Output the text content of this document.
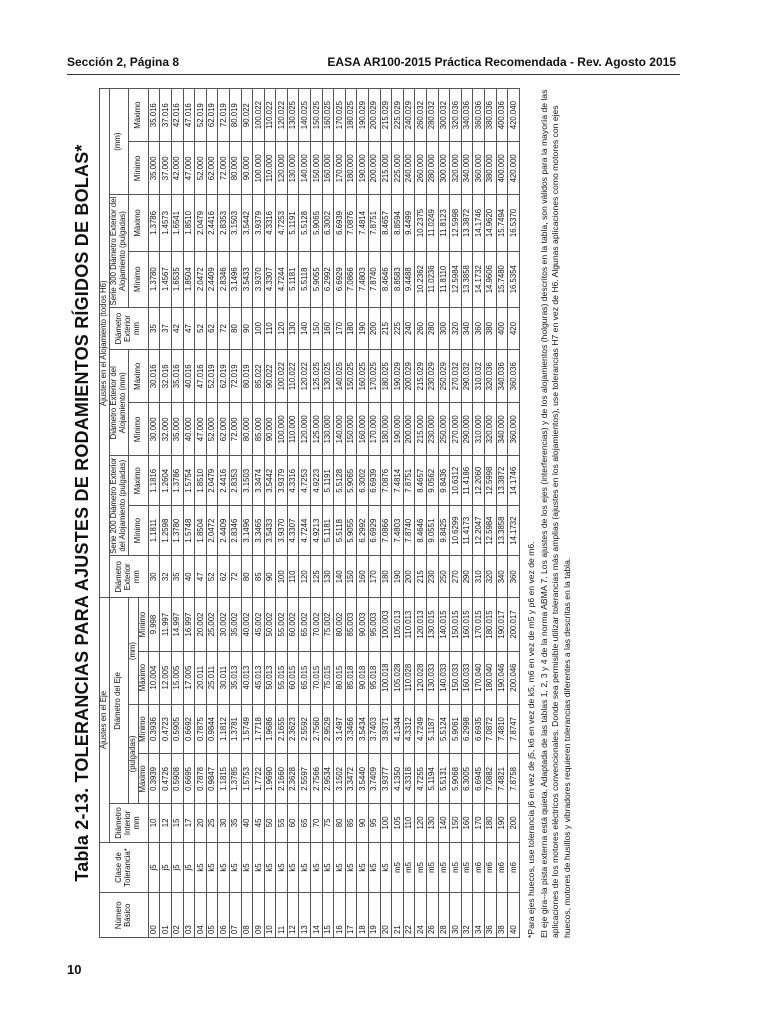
Sección 2, Página 8	EASA AR100-2015 Práctica Recomendada - Rev. Agosto 2015
Tabla 2-13. TOLERANCIAS PARA AJUSTES DE RODAMIENTOS RÍGIDOS DE BOLAS*
Número Básico	Clase de Tolerancia*	Ajustes en el Eje					Ajustes en el Alojamiento (todos H6)									
		Diámetro Interior mm	Diámetro del Eje				Diámetro Exterior mm	Serie 200 Diámetro Exterior del Alojamiento (pulgadas)		Diámetro Exterior del Alojamiento (mm)		Diámetro Exterior mm	Serie 300 Diámetro Exterior del Alojamiento (pulgadas)		(mm)	
			(pulgadas)		(mm)			Mínimo	Máximo	Mínimo	Máximo		Mínimo	Máximo	Mínimo	Máximo
			Máximo	Mínimo	Máximo	Mínimo										
00	j5	10	0.3939	0.3936	10.004	9.998	30	1.1811	1.1816	30.000	30.016	35	1.3780	1.3786	35.000	35.016
01	j5	12	0.4726	0.4723	12.005	11.997	32	1.2598	1.2604	32.000	32.016	37	1.4567	1.4573	37.000	37.016
02	j5	15	0.5908	0.5905	15.005	14.997	35	1.3780	1.3786	35.000	35.016	42	1.6535	1.6541	42.000	42.016
03	j5	17	0.6695	0.6692	17.005	16.997	40	1.5748	1.5754	40.000	40.016	47	1.8504	1.8510	47.000	47.016
04	k5	20	0.7878	0.7875	20.011	20.002	47	1.8504	1.8510	47.000	47.016	52	2.0472	2.0479	52.000	52.019
05	k5	25	0.9847	0.9844	25.011	25.002	52	2.0472	2.0479	52.000	52.019	62	2.4409	2.4416	62.000	62.019
06	k5	30	1.1815	1.1812	30.011	30.002	62	2.4409	2.4416	62.000	62.019	72	2.8346	2.8353	72.000	72.019
07	k5	35	1.3785	1.3781	35.013	35.002	72	2.8346	2.8353	72.000	72.019	80	3.1496	3.1503	80.000	80.019
08	k5	40	1.5753	1.5749	40.013	40.002	80	3.1496	3.1503	80.000	80.019	90	3.5433	3.5442	90.000	90.022
09	k5	45	1.7722	1.7718	45.013	45.002	85	3.3465	3.3474	85.000	85.022	100	3.9370	3.9379	100.000	100.022
10	k5	50	1.9690	1.9686	50.013	50.002	90	3.5433	3.5442	90.000	90.022	110	4.3307	4.3316	110.000	110.022
11	k5	55	2.1660	2.1655	55.015	55.002	100	3.9370	3.9379	100.000	100.022	120	4.7244	4.7253	120.000	120.022
12	k5	60	2.3628	2.3623	60.015	60.002	110	4.3307	4.3316	110.000	110.022	130	5.1181	5.1191	130.000	130.025
13	k5	65	2.5597	2.5592	65.015	65.002	120	4.7244	4.7253	120.000	120.022	140	5.5118	5.5128	140.000	140.025
14	k5	70	2.7566	2.7560	70.015	70.002	125	4.9213	4.9223	125.000	125.025	150	5.9055	5.9065	150.000	150.025
15	k5	75	2.9534	2.9529	75.015	75.002	130	5.1181	5.1191	130.000	130.025	160	6.2992	6.3002	160.000	160.025
16	k5	80	3.1502	3.1497	80.015	80.002	140	5.5118	5.5128	140.000	140.025	170	6.6929	6.6939	170.000	170.025
17	k5	85	3.3472	3.3466	85.018	85.003	150	5.9055	5.9065	150.000	150.025	180	7.0866	7.0876	180.000	180.025
18	k5	90	3.5440	3.5434	90.018	90.003	160	6.2992	6.3002	160.000	160.025	190	7.4803	7.4814	190.000	190.029
19	k5	95	3.7409	3.7403	95.018	95.003	170	6.6929	6.6939	170.000	170.025	200	7.8740	7.8751	200.000	200.029
20	k5	100	3.9377	3.9371	100.018	100.003	180	7.0866	7.0876	180.000	180.025	215	8.4646	8.4657	215.000	215.029
21	m5	105	4.1350	4.1344	105.028	105.013	190	7.4803	7.4814	190.000	190.029	225	8.8583	8.8594	225.000	225.029
22	m5	110	4.3318	4.3312	110.028	110.013	200	7.8740	7.8751	200.000	200.029	240	9.4488	9.4499	240.000	240.029
24	m5	120	4.7255	4.7249	120.028	120.013	215	8.4646	8.4657	215.000	215.029	260	10.2362	10.2375	260.000	260.032
26	m5	130	5.1194	5.1187	130.033	130.015	230	9.0551	9.0562	230.000	230.029	280	11.0236	11.0249	280.000	280.032
28	m5	140	5.5131	5.5124	140.033	140.015	250	9.8425	9.8436	250.000	250.029	300	11.8110	11.8123	300.000	300.032
30	m5	150	5.9068	5.9061	150.033	150.015	270	10.6299	10.6312	270.000	270.032	320	12.5984	12.5998	320.000	320.036
32	m5	160	6.3005	6.2998	160.033	160.015	290	11.4173	11.4186	290.000	290.032	340	13.3858	13.3872	340.000	340.036
34	m6	170	6.6945	6.6935	170.040	170.015	310	12.2047	12.2060	310.000	310.032	360	14.1732	14.1746	360.000	360.036
36	m6	180	7.0882	7.0872	180.040	180.015	320	12.5984	12.5998	320.000	320.036	380	14.9606	14.9620	380.000	380.036
38	m6	190	7.4821	7.4810	190.046	190.017	340	13.3858	13.3872	340.000	340.036	400	15.7480	15.7494	400.000	400.036
40	m6	200	7.8758	7.8747	200.046	200.017	360	14.1732	14.1746	360.000	360.036	420	16.5354	16.5370	420.000	420.040

*Para ejes huecos, use tolerancia j6 en vez de j5, k6 en vez de k5, m6 en vez de m5 y p6 en vez de m6. El eje gira--la pista externa está quieta. Adaptada de las tablas 1, 2, 3 y 4 de la norma ABMA 7. Los ajustes de los ejes (interferencias) y de los alojamientos (holguras) descritos en la tabla, son válidos para la mayoría de las aplicaciones de los motores eléctricos convencionales. Donde sea permisible utilizar tolerancias más amplias (ajustes en los alojamientos), use tolerancias H7 en vez de H6. Algunas aplicaciones como motores con ejes huecos, motores de husillos y vibradores requieren tolerancias diferentes a las descritas en la tabla.

10
